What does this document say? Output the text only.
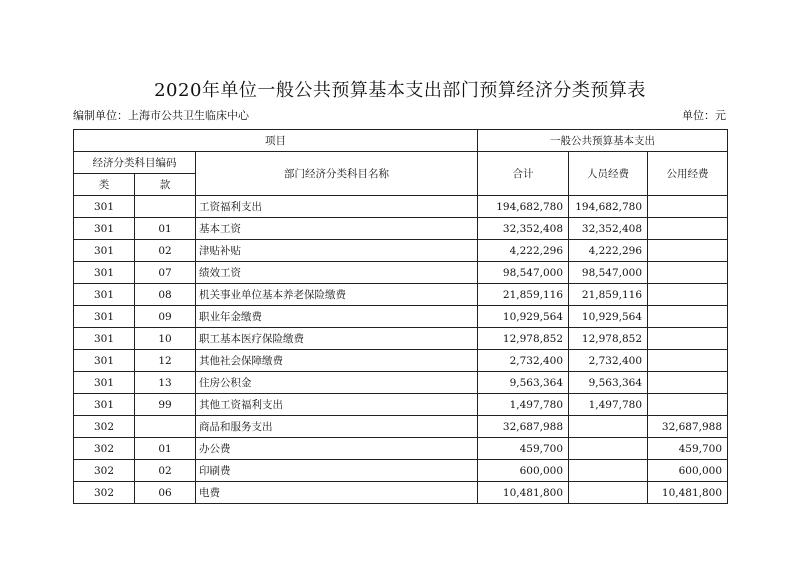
2020年单位一般公共预算基本支出部门预算经济分类预算表
编制单位：上海市公共卫生临床中心	单位：元
项目			一般公共预算基本支出		
经济分类科目编码		部门经济分类科目名称	合计	人员经费	公用经费
类	款				
301		工资福利支出	194,682,780	194,682,780	
301	01	基本工资	32,352,408	32,352,408	
301	02	津贴补贴	4,222,296	4,222,296	
301	07	绩效工资	98,547,000	98,547,000	
301	08	机关事业单位基本养老保险缴费	21,859,116	21,859,116	
301	09	职业年金缴费	10,929,564	10,929,564	
301	10	职工基本医疗保险缴费	12,978,852	12,978,852	
301	12	其他社会保障缴费	2,732,400	2,732,400	
301	13	住房公积金	9,563,364	9,563,364	
301	99	其他工资福利支出	1,497,780	1,497,780	
302		商品和服务支出	32,687,988		32,687,988
302	01	办公费	459,700		459,700
302	02	印刷费	600,000		600,000
302	06	电费	10,481,800		10,481,800
